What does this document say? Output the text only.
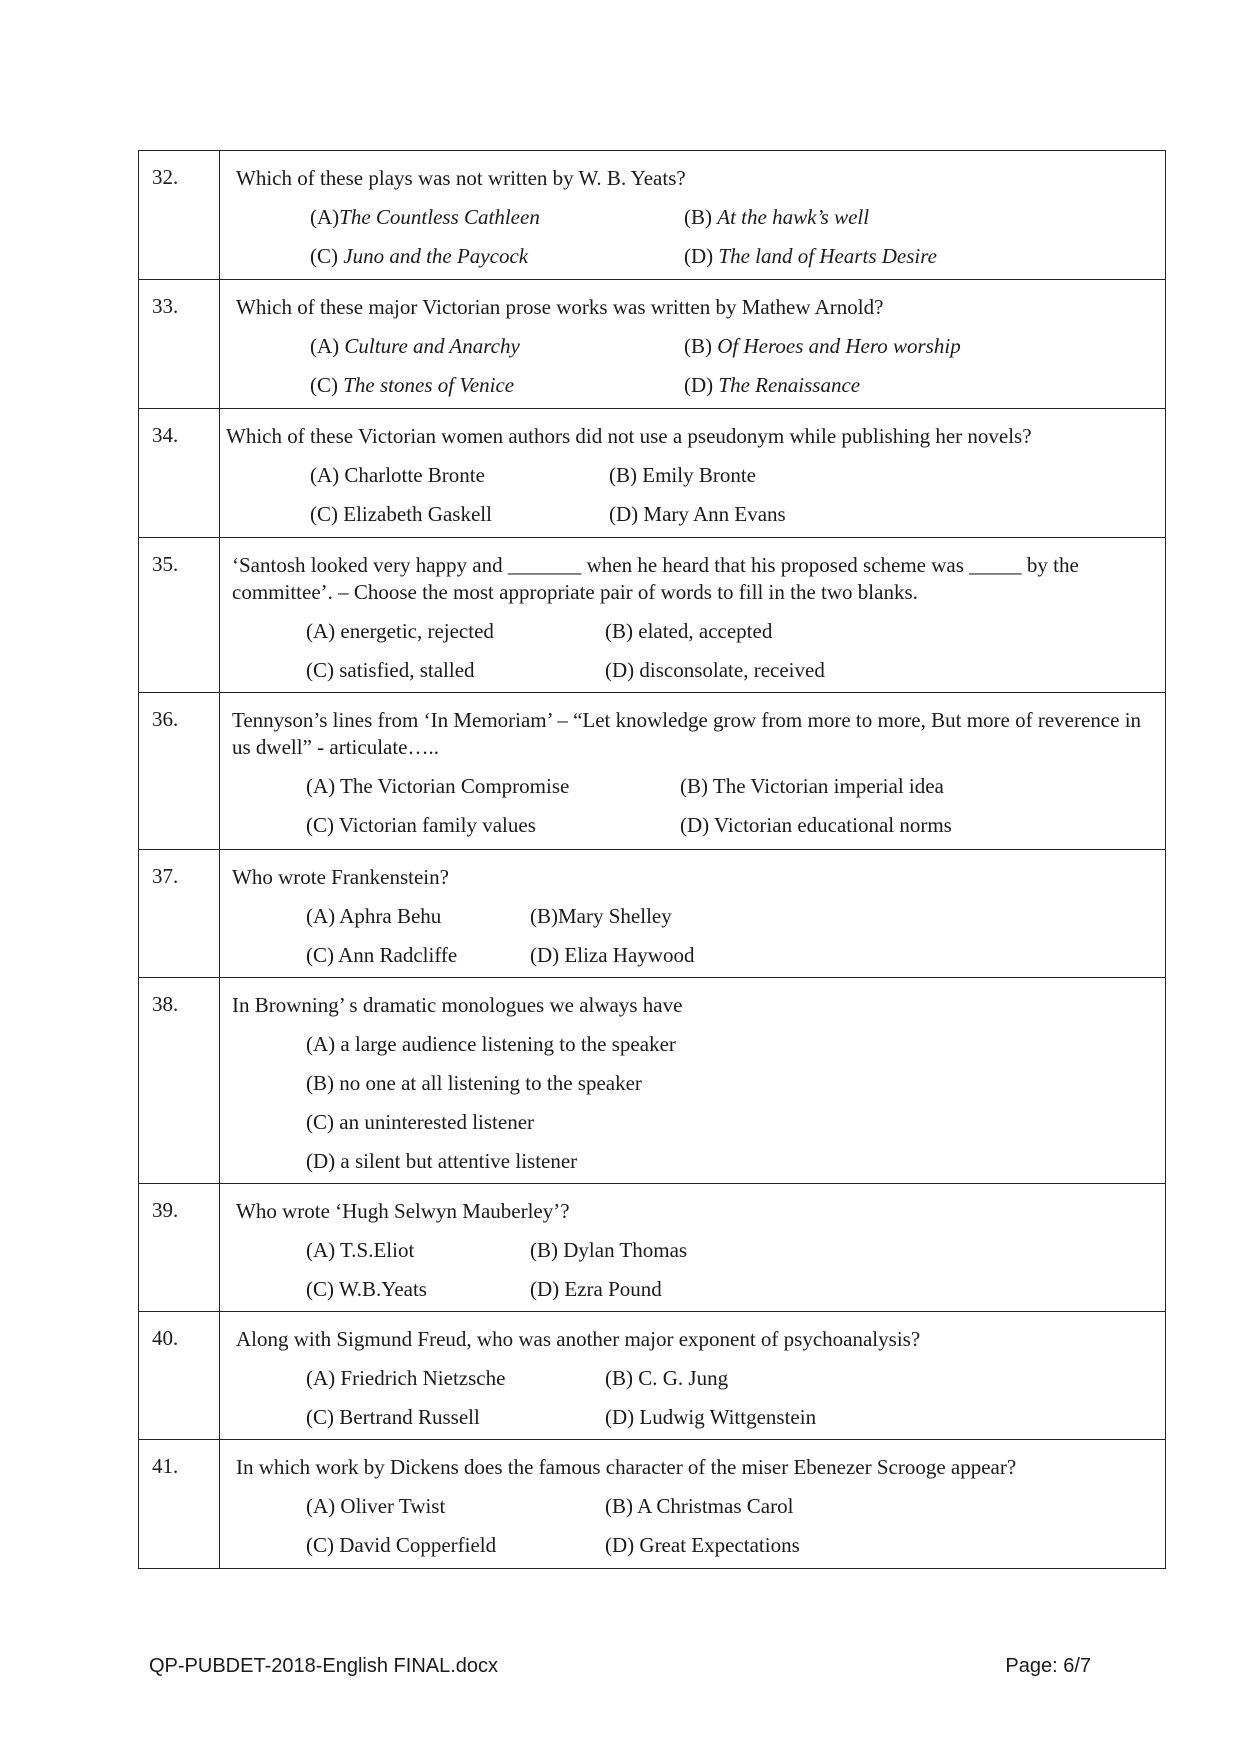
32.	Which of these plays was not written by W. B. Yeats?
(A)The Countless Cathleen (B) At the hawk’s well
(C) Juno and the Paycock (D) The land of Hearts Desire

33.	Which of these major Victorian prose works was written by Mathew Arnold?
(A) Culture and Anarchy (B) Of Heroes and Hero worship
(C) The stones of Venice (D) The Renaissance

34.	Which of these Victorian women authors did not use a pseudonym while publishing her novels?
(A) Charlotte Bronte (B) Emily Bronte
(C) Elizabeth Gaskell (D) Mary Ann Evans

35.	‘Santosh looked very happy and _______ when he heard that his proposed scheme was _____ by the committee’. – Choose the most appropriate pair of words to fill in the two blanks.
(A) energetic, rejected (B) elated, accepted
(C) satisfied, stalled (D) disconsolate, received

36.	Tennyson’s lines from ‘In Memoriam’ – “Let knowledge grow from more to more, But more of reverence in us dwell” - articulate…..
(A) The Victorian Compromise (B) The Victorian imperial idea
(C) Victorian family values (D) Victorian educational norms

37.	Who wrote Frankenstein?
(A) Aphra Behu (B)Mary Shelley
(C) Ann Radcliffe (D) Eliza Haywood

38.	In Browning’ s dramatic monologues we always have
(A) a large audience listening to the speaker
(B) no one at all listening to the speaker
(C) an uninterested listener
(D) a silent but attentive listener

39.	Who wrote ‘Hugh Selwyn Mauberley’?
(A) T.S.Eliot (B) Dylan Thomas
(C) W.B.Yeats (D) Ezra Pound

40.	Along with Sigmund Freud, who was another major exponent of psychoanalysis?
(A) Friedrich Nietzsche (B) C. G. Jung
(C) Bertrand Russell (D) Ludwig Wittgenstein

41.	In which work by Dickens does the famous character of the miser Ebenezer Scrooge appear?
(A) Oliver Twist (B) A Christmas Carol
(C) David Copperfield (D) Great Expectations
QP-PUBDET-2018-English FINAL.docx	Page: 6/7
